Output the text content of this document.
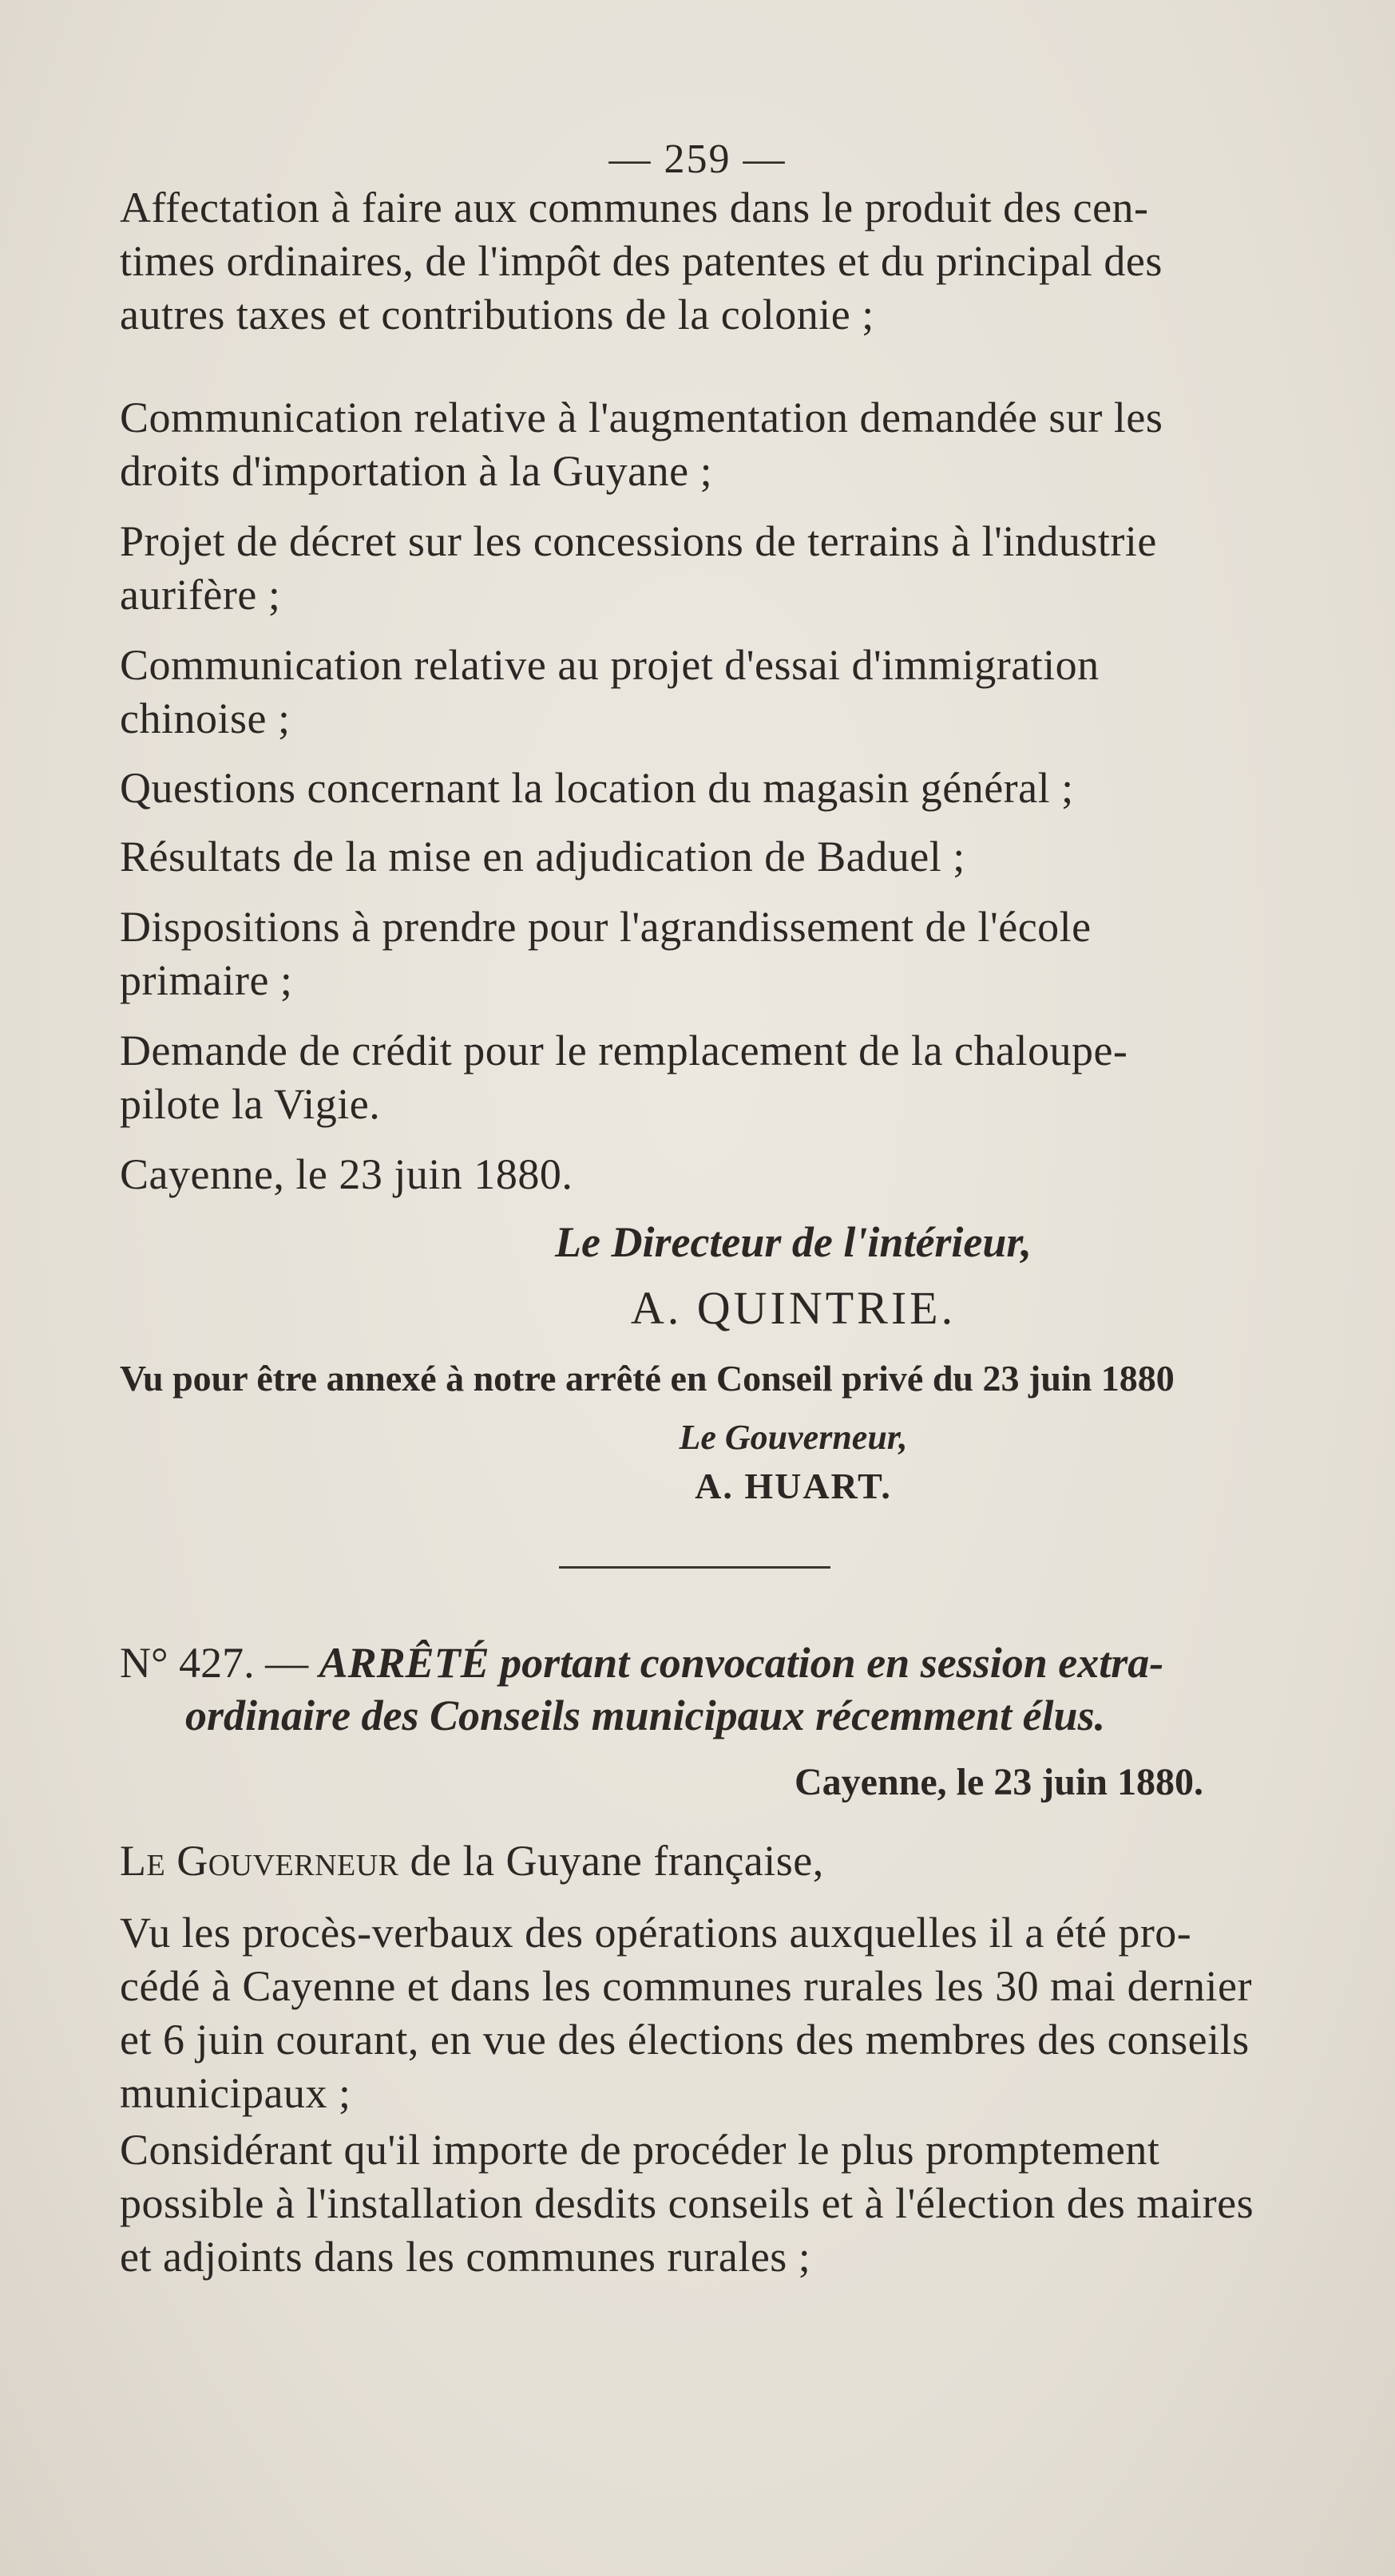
— 259 —
Affectation à faire aux communes dans le produit des cen-
times ordinaires, de l'impôt des patentes et du principal des
autres taxes et contributions de la colonie ;
Communication relative à l'augmentation demandée sur les
droits d'importation à la Guyane ;
Projet de décret sur les concessions de terrains à l'industrie
aurifère ;
Communication relative au projet d'essai d'immigration
chinoise ;
Questions concernant la location du magasin général ;
Résultats de la mise en adjudication de Baduel ;
Dispositions à prendre pour l'agrandissement de l'école
primaire ;
Demande de crédit pour le remplacement de la chaloupe-
pilote la Vigie.
Cayenne, le 23 juin 1880.
Le Directeur de l'intérieur,
A. QUINTRIE.
Vu pour être annexé à notre arrêté en Conseil privé du 23 juin 1880
Le Gouverneur,
A. HUART.
N° 427. — ARRÊTÉ portant convocation en session extra-
ordinaire des Conseils municipaux récemment élus.
Cayenne, le 23 juin 1880.
Le Gouverneur de la Guyane française,
Vu les procès-verbaux des opérations auxquelles il a été pro-
cédé à Cayenne et dans les communes rurales les 30 mai dernier
et 6 juin courant, en vue des élections des membres des conseils
municipaux ;
Considérant qu'il importe de procéder le plus promptement
possible à l'installation desdits conseils et à l'élection des maires
et adjoints dans les communes rurales ;
